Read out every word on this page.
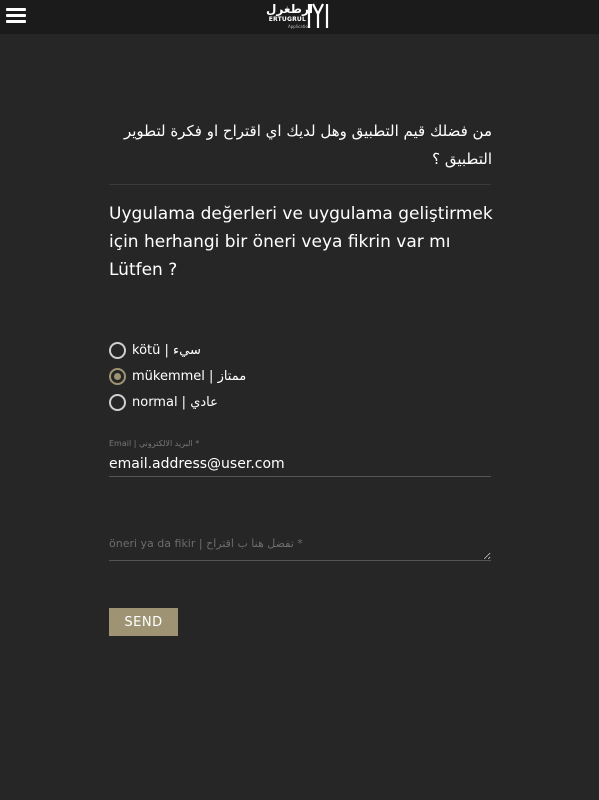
ارطغرل
ERTUGRUL
Application
من فضلك قيم التطبيق وهل لديك اي اقتراح او فكرة لتطوير التطبيق ؟
Uygulama değerleri ve uygulama geliştirmek için herhangi bir öneri veya fikrin var mı Lütfen ?
kötü | سيء
mükemmel | ممتاز
normal | عادي
Email | البريد الالكتروني *
email.address@user.com
öneri ya da fikir | تفضل هنا ب اقتراح *
SEND
